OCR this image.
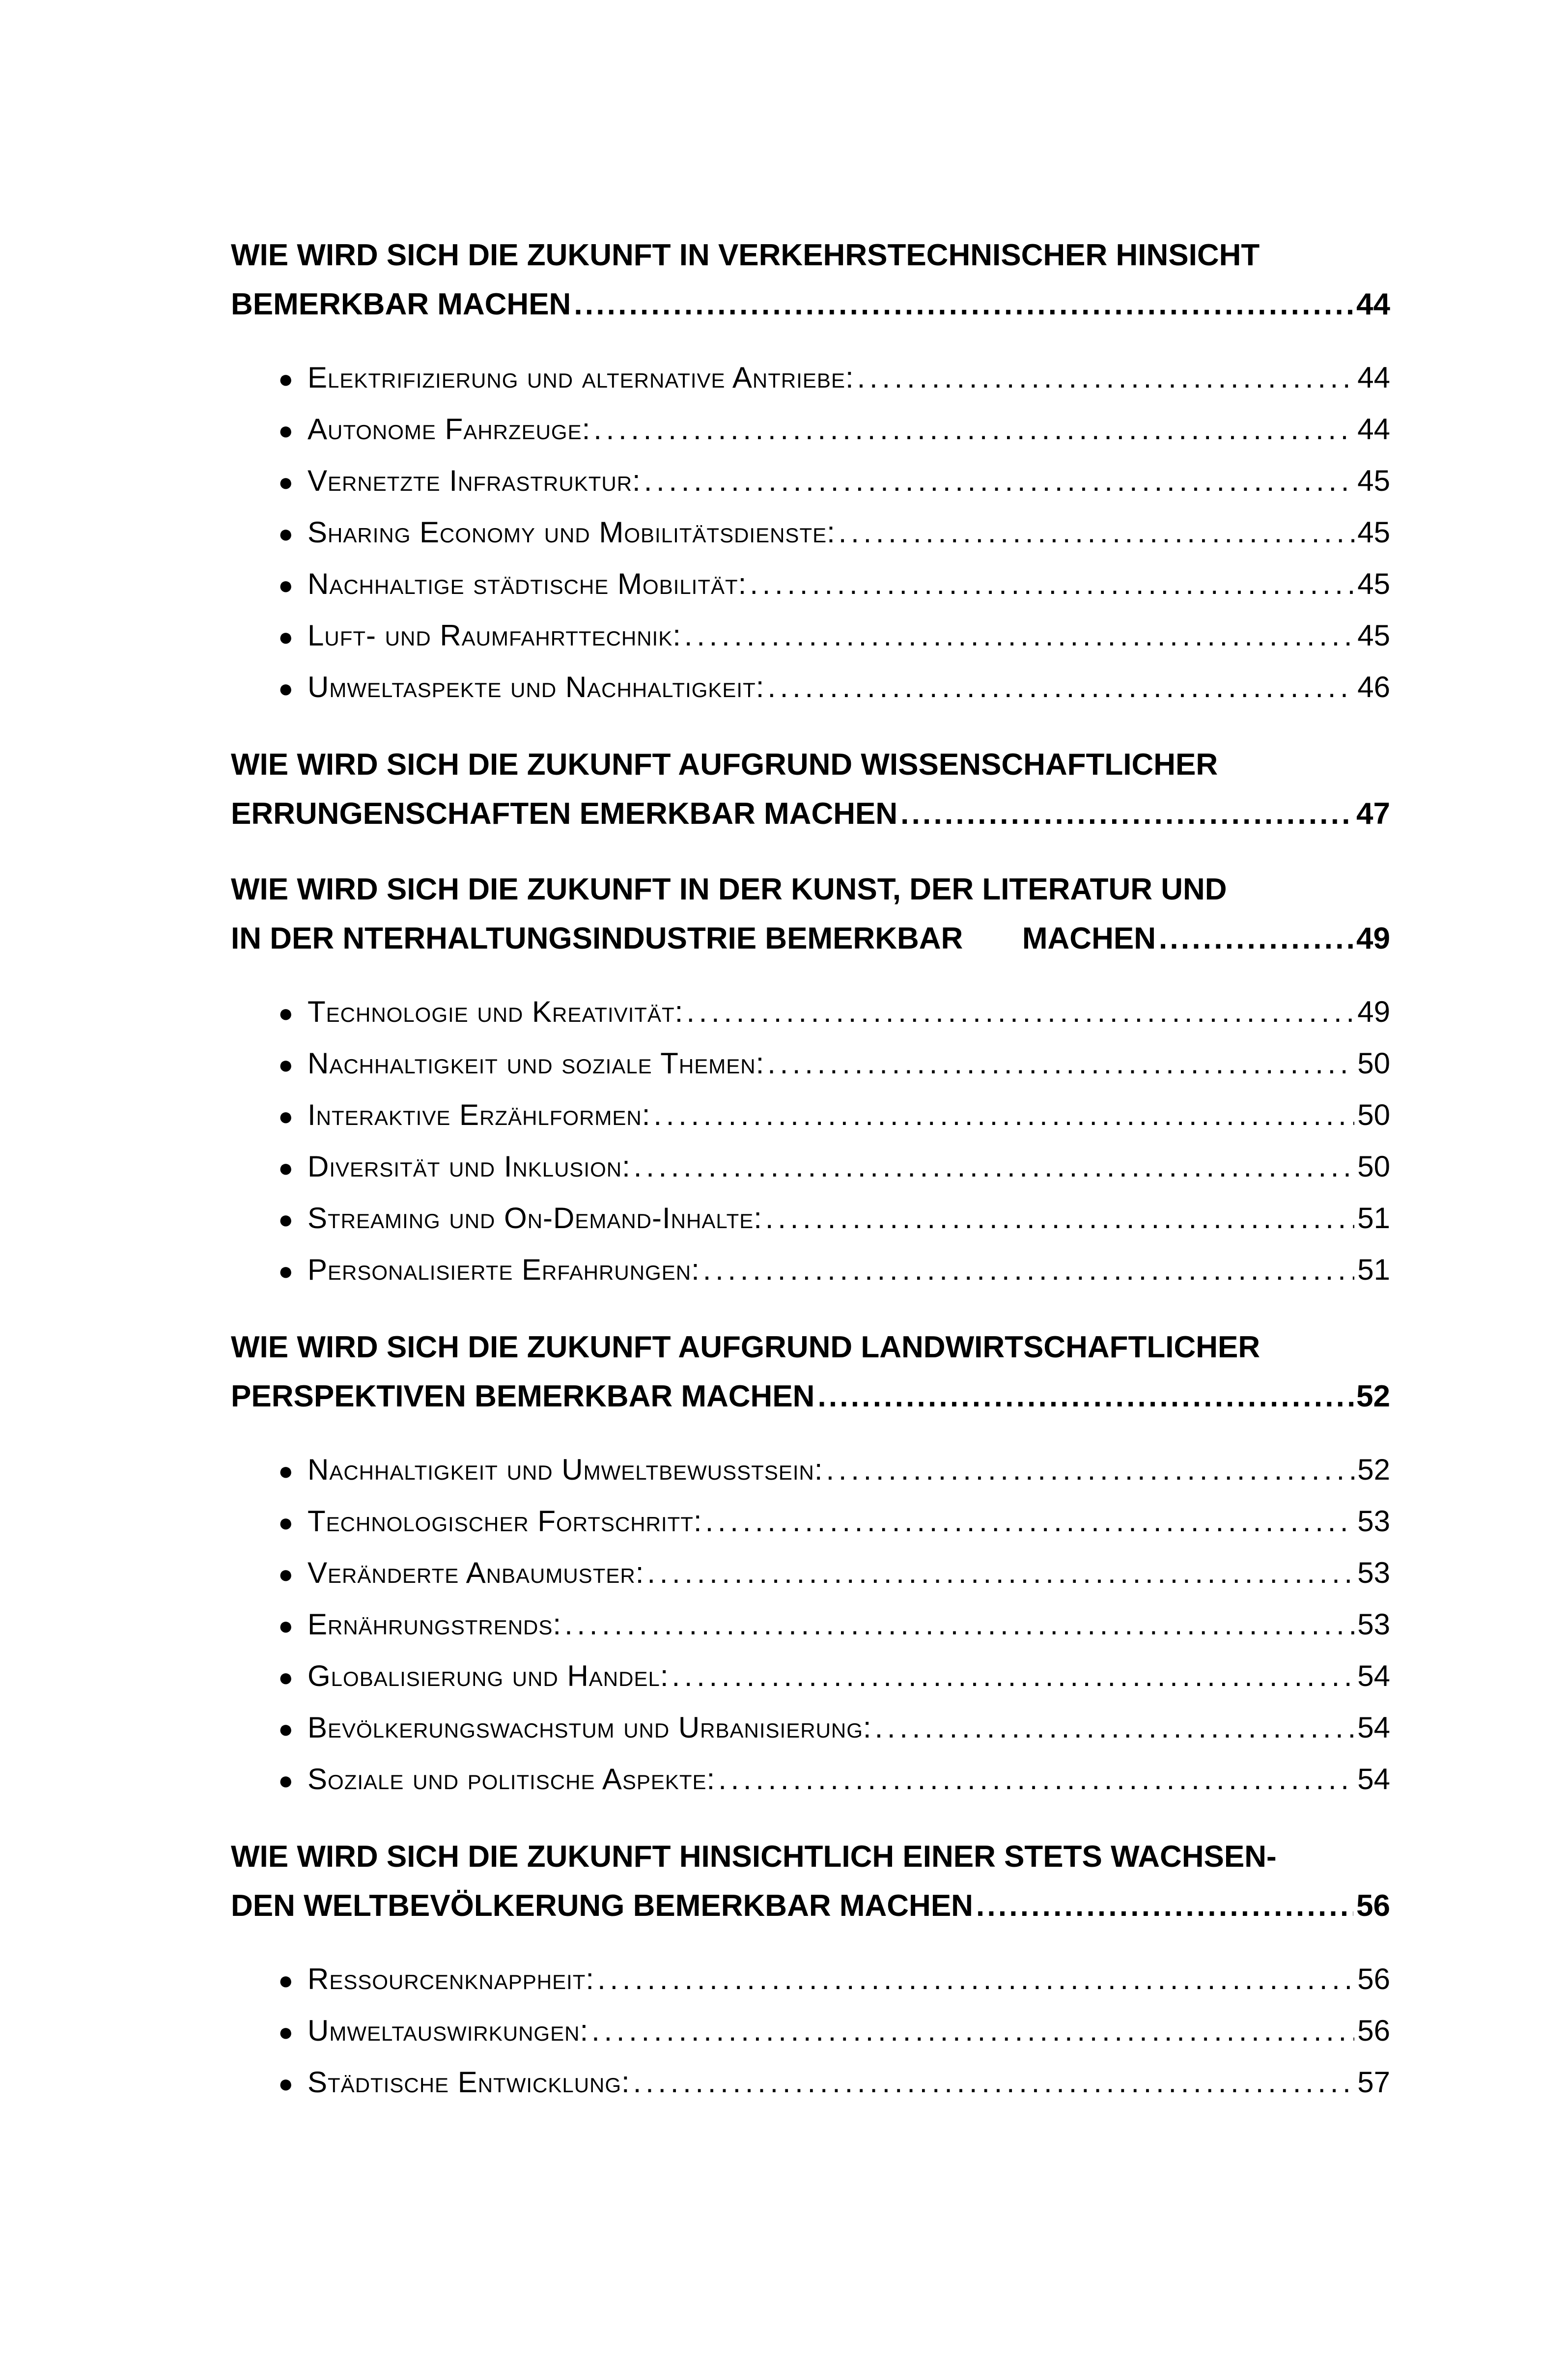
WIE WIRD SICH DIE ZUKUNFT IN VERKEHRSTECHNISCHER HINSICHT
BEMERKBAR MACHEN . . .	44
● Elektrifizierung und alternative Antriebe: . . .	44
● Autonome Fahrzeuge: . . .	44
● Vernetzte Infrastruktur: . . .	45
● Sharing Economy und Mobilitätsdienste: . . .	45
● Nachhaltige städtische Mobilität: . . .	45
● Luft- und Raumfahrttechnik: . . .	45
● Umweltaspekte und Nachhaltigkeit: . . .	46
WIE WIRD SICH DIE ZUKUNFT AUFGRUND WISSENSCHAFTLICHER
ERRUNGENSCHAFTEN EMERKBAR MACHEN . . .	47
WIE WIRD SICH DIE ZUKUNFT IN DER KUNST, DER LITERATUR UND
IN DER NTERHALTUNGSINDUSTRIE BEMERKBAR       MACHEN . . .	49
● Technologie und Kreativität: . . .	49
● Nachhaltigkeit und soziale Themen: . . .	50
● Interaktive Erzählformen: . . .	50
● Diversität und Inklusion: . . .	50
● Streaming und On-Demand-Inhalte: . . .	51
● Personalisierte Erfahrungen: . . .	51
WIE WIRD SICH DIE ZUKUNFT AUFGRUND LANDWIRTSCHAFTLICHER
PERSPEKTIVEN BEMERKBAR MACHEN . . .	52
● Nachhaltigkeit und Umweltbewusstsein: . . .	52
● Technologischer Fortschritt: . . .	53
● Veränderte Anbaumuster: . . .	53
● Ernährungstrends: . . .	53
● Globalisierung und Handel: . . .	54
● Bevölkerungswachstum und Urbanisierung: . . .	54
● Soziale und politische Aspekte: . . .	54
WIE WIRD SICH DIE ZUKUNFT HINSICHTLICH EINER STETS WACHSEN-
DEN WELTBEVÖLKERUNG BEMERKBAR MACHEN . . .	56
● Ressourcenknappheit: . . .	56
● Umweltauswirkungen: . . .	56
● Städtische Entwicklung: . . .	57
